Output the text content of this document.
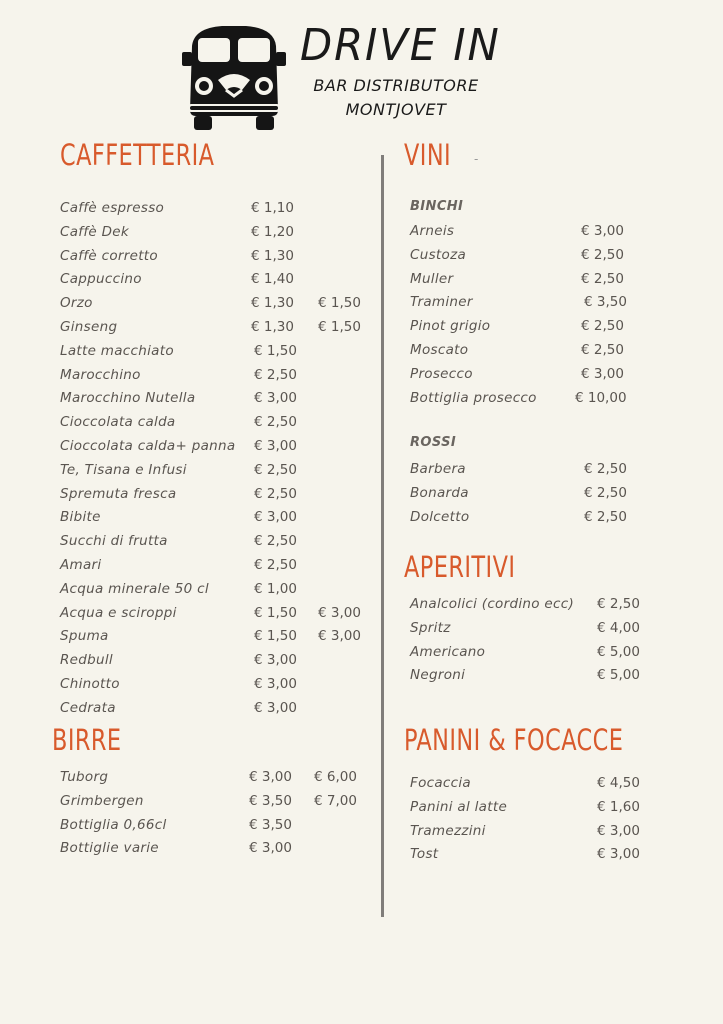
DRIVE IN
BAR DISTRIBUTORE
MONTJOVET
-
CAFFETTERIA
Caffè espresso	€ 1,10
Caffè Dek	€ 1,20
Caffè corretto	€ 1,30
Cappuccino	€ 1,40
Orzo	€ 1,30 € 1,50
Ginseng	€ 1,30 € 1,50
Latte macchiato	€ 1,50
Marocchino	€ 2,50
Marocchino Nutella	€ 3,00
Cioccolata calda	€ 2,50
Cioccolata calda+ panna € 3,00
Te, Tisana e Infusi	€ 2,50
Spremuta fresca	€ 2,50
Bibite	€ 3,00
Succhi di frutta	€ 2,50
Amari	€ 2,50
Acqua minerale 50 cl	€ 1,00
Acqua e sciroppi	€ 1,50 € 3,00
Spuma	€ 1,50 € 3,00
Redbull	€ 3,00
Chinotto	€ 3,00
Cedrata	€ 3,00
BIRRE
Tuborg	€ 3,00 € 6,00
Grimbergen	€ 3,50 € 7,00
Bottiglia 0,66cl	€ 3,50
Bottiglie varie	€ 3,00
VINI
BINCHI
Arneis	€ 3,00
Custoza	€ 2,50
Muller	€ 2,50
Traminer	€ 3,50
Pinot grigio	€ 2,50
Moscato	€ 2,50
Prosecco	€ 3,00
Bottiglia prosecco	€ 10,00
ROSSI
Barbera	€ 2,50
Bonarda	€ 2,50
Dolcetto	€ 2,50
APERITIVI
Analcolici (cordino ecc) € 2,50
Spritz	€ 4,00
Americano	€ 5,00
Negroni	€ 5,00
PANINI & FOCACCE
Focaccia	€ 4,50
Panini al latte	€ 1,60
Tramezzini	€ 3,00
Tost	€ 3,00
